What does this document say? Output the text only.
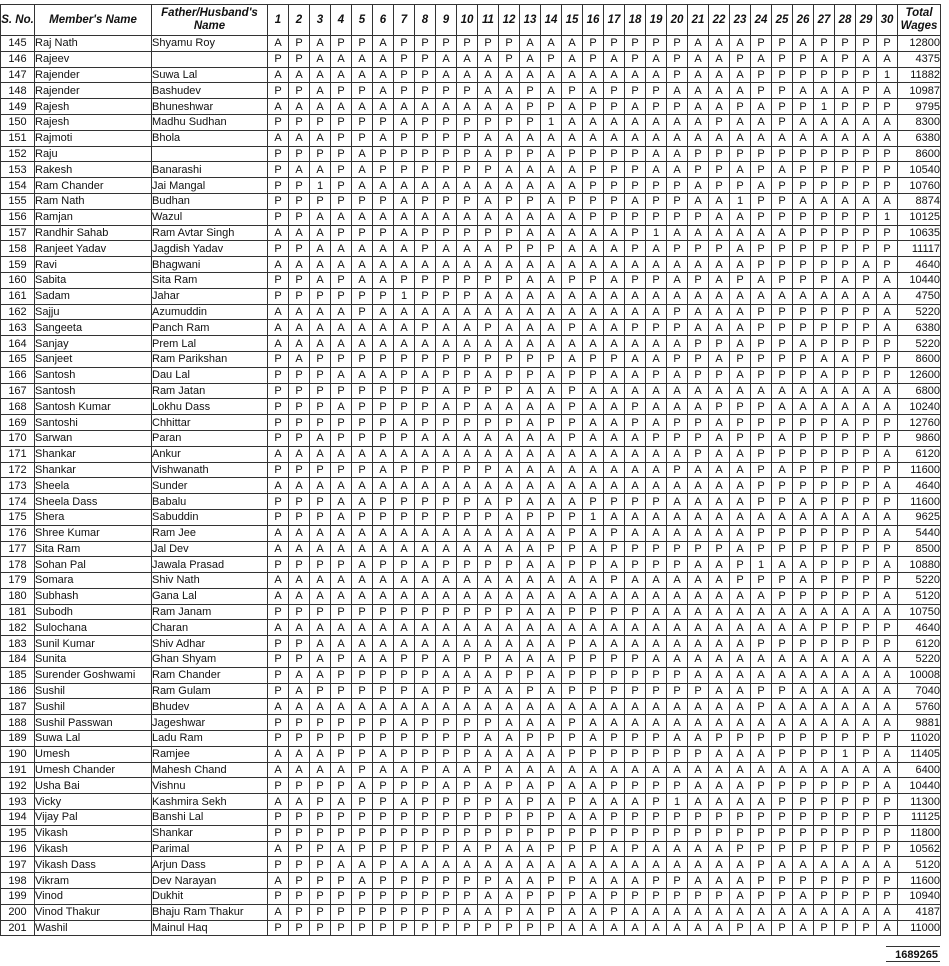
S. No.	Member's Name	Father/Husband's Name	1	2	3	4	5	6	7	8	9	10	11	12	13	14	15	16	17	18	19	20	21	22	23	24	25	26	27	28	29	30	Total Wages
145	Raj Nath	Shyamu Roy	A	P	A	P	P	A	P	P	P	P	P	P	A	A	A	P	P	P	P	P	A	A	A	P	P	A	P	P	P	P	12800
146	Rajeev		P	P	A	A	A	A	P	P	A	A	A	P	A	P	A	P	A	P	A	P	A	A	P	A	P	P	A	P	A	A	4375
147	Rajender	Suwa Lal	A	A	A	A	A	A	P	P	A	A	A	A	A	A	A	A	A	A	A	P	A	A	A	P	P	P	P	P	P	1	11882
148	Rajender	Bashudev	P	P	A	P	P	A	P	P	P	P	A	A	P	A	P	A	P	P	P	A	A	A	A	P	P	A	A	A	P	A	10987
149	Rajesh	Bhuneshwar	A	A	A	A	A	A	A	A	A	A	A	A	P	P	A	P	P	A	P	P	A	A	P	A	P	P	1	P	P	P	9795
150	Rajesh	Madhu Sudhan	P	P	P	P	P	P	A	P	P	P	P	P	P	1	A	A	A	A	A	A	A	P	A	A	P	A	A	A	A	A	8300
151	Rajmoti	Bhola	A	A	A	P	P	A	P	P	P	P	A	A	A	A	A	A	A	A	A	A	A	A	A	A	A	A	A	A	A	A	6380
152	Raju		P	P	P	P	A	P	P	P	P	P	A	P	P	A	P	P	P	P	A	A	P	P	P	P	P	P	P	P	P	P	8600
153	Rakesh	Banarashi	P	A	A	P	A	P	P	P	P	P	P	A	A	A	A	P	P	P	A	A	P	P	A	P	A	P	P	P	P	P	10540
154	Ram Chander	Jai Mangal	P	P	1	P	A	A	A	A	A	A	A	A	A	A	A	P	P	P	P	P	A	P	P	A	P	P	P	P	P	P	10760
155	Ram Nath	Budhan	P	P	P	P	P	P	A	P	P	P	A	P	P	A	P	P	P	A	P	P	A	A	1	P	P	A	A	A	A	A	8874
156	Ramjan	Wazul	P	P	A	A	A	A	A	A	A	A	A	A	A	A	A	P	P	P	P	P	P	A	A	P	P	P	P	P	P	1	10125
157	Randhir Sahab	Ram Avtar Singh	A	A	A	P	P	P	A	P	P	P	P	P	A	A	A	A	A	P	1	A	A	A	A	A	A	P	P	P	P	P	10635
158	Ranjeet Yadav	Jagdish Yadav	P	P	A	A	A	A	A	P	A	A	A	P	P	P	A	A	A	P	A	P	P	P	A	P	P	P	P	P	P	P	11117
159	Ravi	Bhagwani	A	A	A	A	A	A	A	A	A	A	A	A	A	A	A	A	A	A	A	A	A	A	A	P	P	P	P	P	A	P	4640
160	Sabita	Sita Ram	P	P	A	P	A	A	P	P	P	P	P	P	A	A	P	P	A	P	P	A	P	A	P	A	P	P	P	A	P	A	10440
161	Sadam	Jahar	P	P	P	P	P	P	1	P	P	P	A	A	A	A	A	A	A	A	A	A	A	A	A	A	A	A	A	A	A	A	4750
162	Sajju	Azumuddin	A	A	A	A	P	A	A	A	A	A	A	A	A	A	A	A	A	A	A	P	A	A	A	P	P	P	P	P	P	A	5220
163	Sangeeta	Panch Ram	A	A	A	A	A	A	A	P	A	A	P	A	A	A	P	A	A	P	P	P	A	A	A	P	P	P	P	P	P	A	6380
164	Sanjay	Prem Lal	A	A	A	A	A	A	A	A	A	A	A	A	A	A	A	A	A	A	A	A	P	P	A	P	P	A	P	P	P	P	5220
165	Sanjeet	Ram Parikshan	P	A	P	P	P	P	P	P	P	P	P	P	P	P	A	P	P	A	A	P	P	A	P	P	P	P	A	A	P	P	8600
166	Santosh	Dau Lal	P	P	P	A	A	A	P	A	P	P	A	P	P	A	P	P	A	A	P	A	P	P	A	P	P	P	A	P	P	P	12600
167	Santosh	Ram Jatan	P	P	P	P	P	P	P	P	A	P	P	P	A	A	P	A	A	A	A	A	A	A	A	A	A	A	A	A	A	A	6800
168	Santosh Kumar	Lokhu Dass	P	P	P	A	P	P	P	P	A	P	A	A	A	A	P	A	A	P	A	A	A	P	P	P	A	A	A	A	A	A	10240
169	Santoshi	Chhittar	P	P	P	P	P	P	A	P	P	P	P	P	A	P	P	A	A	P	A	P	P	A	P	P	P	P	P	A	P	P	12760
170	Sarwan	Paran	P	P	A	P	P	P	P	A	A	A	A	A	A	A	P	A	A	A	P	P	P	A	P	P	A	P	P	P	P	P	9860
171	Shankar	Ankur	A	A	A	A	A	A	A	A	A	A	A	A	A	A	A	A	A	A	A	A	P	A	A	P	P	P	P	P	P	A	6120
172	Shankar	Vishwanath	P	P	P	P	P	A	P	P	P	P	P	A	A	A	A	A	A	A	A	P	A	A	A	P	A	P	P	P	P	P	11600
173	Sheela	Sunder	A	A	A	A	A	A	A	A	A	A	A	A	A	A	A	A	A	A	A	A	A	A	A	P	P	P	P	P	P	A	4640
174	Sheela Dass	Babalu	P	P	P	A	A	P	P	P	P	P	A	P	A	A	A	P	P	P	P	A	A	A	A	P	P	A	P	P	P	P	11600
175	Shera	Sabuddin	P	P	P	A	P	P	P	P	P	P	P	A	P	P	P	1	A	A	A	A	A	A	A	A	A	A	A	A	A	A	9625
176	Shree Kumar	Ram Jee	A	A	A	A	A	A	A	A	A	A	A	A	A	A	P	A	P	A	A	A	A	A	A	P	P	P	P	P	P	A	5440
177	Sita Ram	Jal Dev	A	A	A	A	A	A	A	A	A	A	A	A	A	P	P	A	P	P	P	P	P	P	A	P	P	P	P	P	P	P	8500
178	Sohan Pal	Jawala Prasad	P	P	P	P	A	P	P	A	P	P	P	P	A	A	P	P	A	P	P	P	A	A	P	1	A	A	P	P	P	A	10880
179	Somara	Shiv Nath	A	A	A	A	A	A	A	A	A	A	A	A	A	A	A	A	P	A	A	A	A	A	P	P	P	A	P	P	P	P	5220
180	Subhash	Gana Lal	A	A	A	A	A	A	A	A	A	A	A	A	A	A	A	A	A	A	A	A	A	A	A	A	P	P	P	P	P	A	5120
181	Subodh	Ram Janam	P	P	P	P	P	P	P	P	P	P	P	P	A	A	P	P	P	P	A	A	A	A	A	A	A	A	A	A	A	A	10750
182	Sulochana	Charan	A	A	A	A	A	A	A	A	A	A	A	A	A	A	A	A	A	A	A	A	A	A	A	A	A	A	P	P	P	P	4640
183	Sunil Kumar	Shiv Adhar	P	P	A	A	A	A	A	A	A	A	A	A	A	A	P	A	A	A	A	A	A	A	A	P	P	P	P	P	P	P	6120
184	Sunita	Ghan Shyam	P	P	A	P	A	A	P	P	A	P	P	A	A	A	P	P	P	P	A	A	A	A	A	A	A	A	A	A	A	A	5220
185	Surender Goshwami	Ram Chander	P	A	A	P	P	P	P	P	A	A	A	P	P	A	P	P	P	P	P	P	A	A	A	A	A	A	A	A	A	A	10008
186	Sushil	Ram Gulam	P	A	P	P	P	P	P	A	P	P	A	A	P	A	P	P	P	P	P	P	P	A	A	P	P	A	A	A	A	A	7040
187	Sushil	Bhudev	A	A	A	A	A	A	A	A	A	A	A	A	A	A	A	A	A	A	A	A	A	A	A	P	A	A	A	A	A	A	5760
188	Sushil Passwan	Jageshwar	P	P	P	P	P	P	A	P	P	P	P	A	A	A	P	A	A	A	A	A	A	A	A	A	A	A	A	A	A	A	9881
189	Suwa Lal	Ladu Ram	P	P	P	P	P	P	P	P	P	P	A	A	P	P	P	A	P	P	P	A	A	P	P	P	P	P	P	P	P	P	11020
190	Umesh	Ramjee	A	A	A	P	P	A	P	P	P	P	A	A	A	A	P	P	P	P	P	P	P	A	A	A	P	P	P	1	P	A	11405
191	Umesh Chander	Mahesh Chand	A	A	A	A	P	A	A	P	A	A	P	A	A	A	A	A	A	A	A	A	A	A	A	A	A	A	A	A	A	A	6400
192	Usha Bai	Vishnu	P	P	P	P	A	P	P	P	A	P	A	P	A	P	A	A	P	P	P	P	A	A	A	P	P	P	P	P	P	A	10440
193	Vicky	Kashmira Sekh	A	A	P	A	P	P	A	P	P	P	P	A	P	A	P	A	A	A	P	1	A	A	A	A	P	P	P	P	P	P	11300
194	Vijay Pal	Banshi Lal	P	P	P	P	P	P	P	P	P	P	P	P	P	P	A	A	P	P	P	P	P	P	P	P	P	P	P	P	P	P	11125
195	Vikash	Shankar	P	P	P	P	P	P	P	P	P	P	P	P	P	P	P	P	P	P	P	P	P	P	P	P	P	P	P	P	P	P	11800
196	Vikash	Parimal	A	P	P	A	P	P	P	P	P	A	P	A	A	P	P	P	A	P	A	A	A	A	P	P	P	P	P	P	P	P	10562
197	Vikash Dass	Arjun Dass	P	P	P	A	A	P	A	A	A	A	A	A	A	A	A	A	A	A	A	A	A	A	A	P	A	A	A	A	A	A	5120
198	Vikram	Dev Narayan	A	P	P	P	A	P	P	P	P	P	P	A	A	P	P	A	A	A	P	P	A	A	A	P	P	P	P	P	P	P	11600
199	Vinod	Dukhit	P	P	P	P	P	P	P	P	P	P	A	A	P	P	P	A	P	P	P	P	P	P	A	P	P	A	P	P	P	P	10940
200	Vinod Thakur	Bhaju Ram Thakur	A	P	P	P	P	P	P	P	P	A	A	P	A	P	A	A	P	A	A	A	A	A	A	A	A	A	A	A	A	A	4187
201	Washil	Mainul Haq	P	P	P	P	P	P	P	P	P	P	P	P	P	P	A	A	A	A	A	A	A	A	P	A	P	A	P	P	P	A	11000
1689265
